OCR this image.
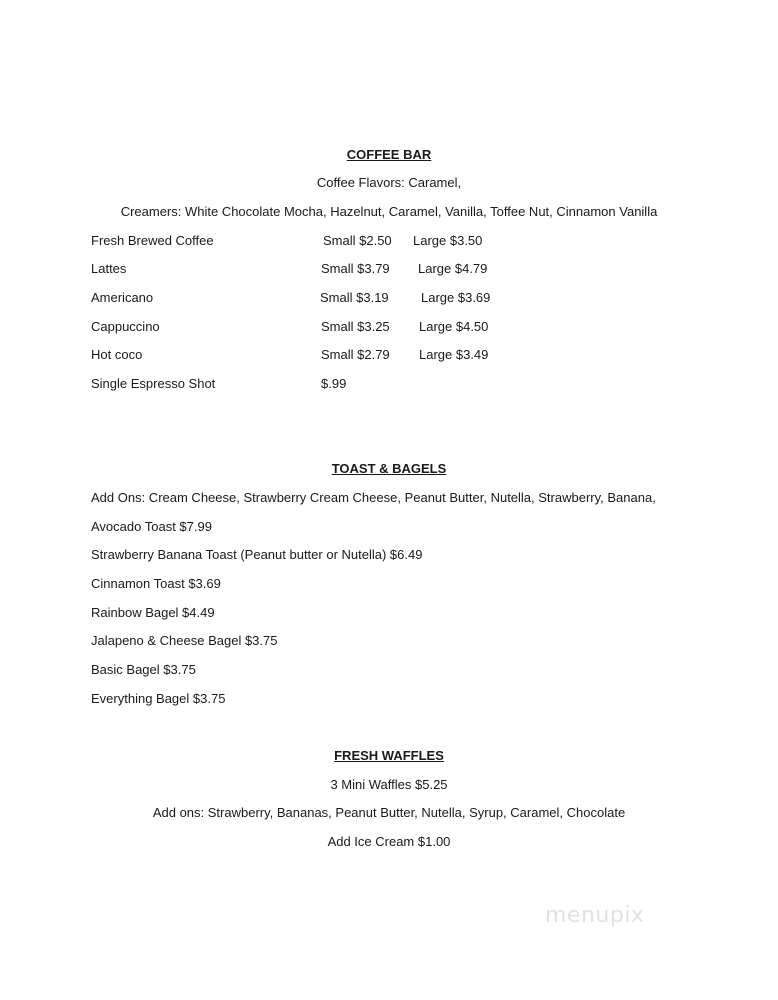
COFFEE BAR
Coffee Flavors: Caramel,
Creamers: White Chocolate Mocha, Hazelnut, Caramel, Vanilla, Toffee Nut, Cinnamon Vanilla
Fresh Brewed Coffee	Small $2.50 Large $3.50
Lattes	Small $3.79 Large $4.79
Americano	Small $3.19 Large $3.69
Cappuccino	Small $3.25 Large $4.50
Hot coco	Small $2.79 Large $3.49
Single Espresso Shot	$.99
TOAST & BAGELS
Add Ons: Cream Cheese, Strawberry Cream Cheese, Peanut Butter, Nutella, Strawberry, Banana,
Avocado Toast $7.99
Strawberry Banana Toast (Peanut butter or Nutella) $6.49
Cinnamon Toast $3.69
Rainbow Bagel $4.49
Jalapeno & Cheese Bagel $3.75
Basic Bagel $3.75
Everything Bagel $3.75
FRESH WAFFLES
3 Mini Waffles $5.25
Add ons: Strawberry, Bananas, Peanut Butter, Nutella, Syrup, Caramel, Chocolate
Add Ice Cream $1.00
menupix
